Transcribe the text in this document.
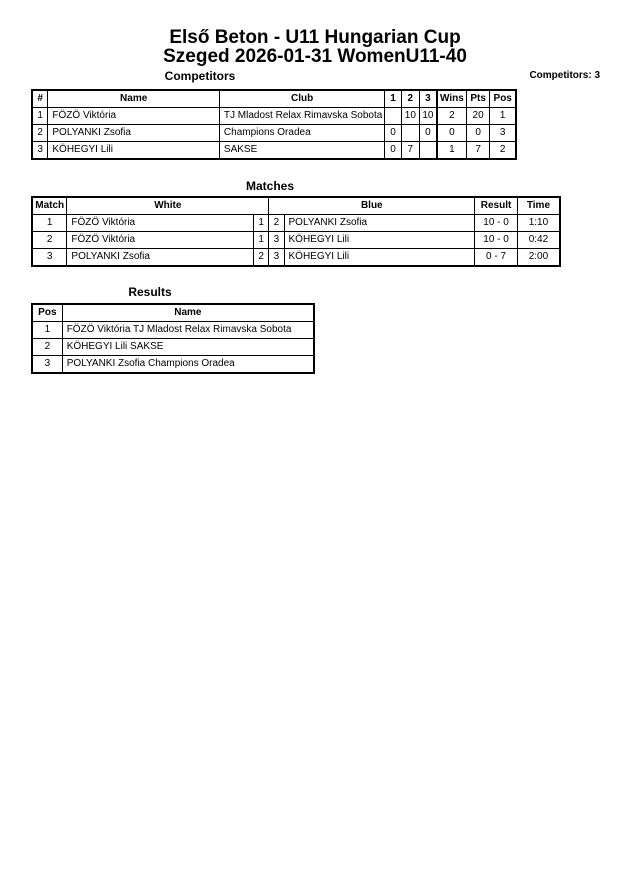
Első Beton - U11 Hungarian Cup
Szeged 2026-01-31 WomenU11-40
Competitors	Competitors: 3
#	Name	Club	1	2	3	Wins	Pts	Pos
1	FÖZÖ Viktória	TJ Mladost Relax Rimavska Sobota		10	10	2	20	1
2	POLYANKI Zsofia	Champions Oradea	0		0	0	0	3
3	KÖHEGYI Lili	SAKSE	0	7		1	7	2
Matches
Match	White		Blue		Result	Time
1	FÖZÖ Viktória	1	2	POLYANKI Zsofia	10 - 0	1:10
2	FÖZÖ Viktória	1	3	KÖHEGYI Lili	10 - 0	0:42
3	POLYANKI Zsofia	2	3	KÖHEGYI Lili	0 - 7	2:00
Results
Pos	Name
1	FÖZÖ Viktória TJ Mladost Relax Rimavska Sobota
2	KÖHEGYI Lili SAKSE
3	POLYANKI Zsofia Champions Oradea
